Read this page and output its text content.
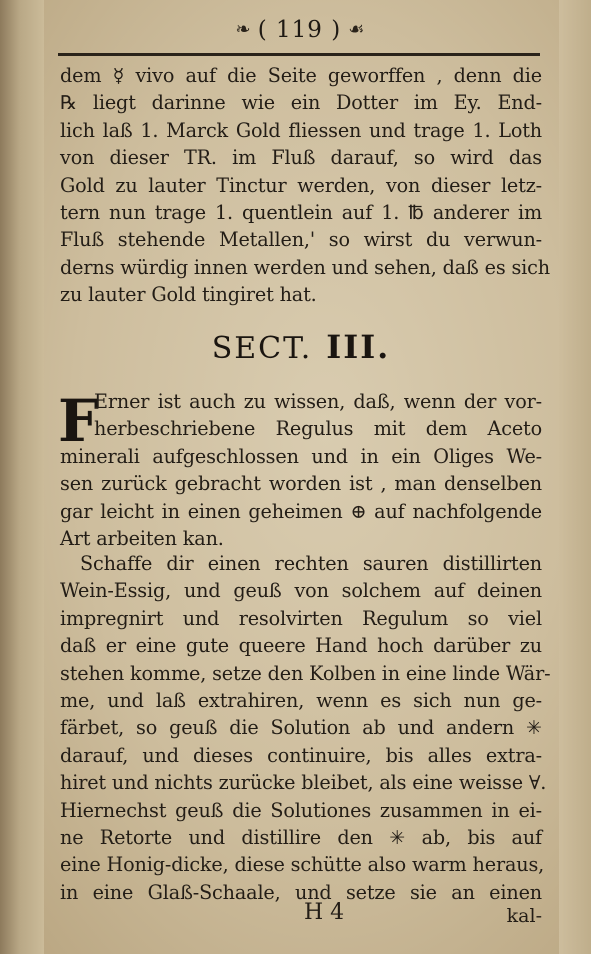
❧ ( 119 ) ☙
dem ☿ vivo auf die Seite geworffen , denn die
℞ liegt darinne wie ein Dotter im Ey. End-
lich laß 1. Marck Gold fliessen und trage 1. Loth
von dieser TR. im Fluß darauf, so wird das
Gold zu lauter Tinctur werden, von dieser letz-
tern nun trage 1. quentlein auf 1. ℔ anderer im
Fluß stehende Metallen,' so wirst du verwun-
derns würdig innen werden und sehen, daß es sich
zu lauter Gold tingiret hat.
SECT. III.
F
Erner ist auch zu wissen, daß, wenn der vor-
herbeschriebene Regulus mit dem Aceto
minerali aufgeschlossen und in ein Oliges We-
sen zurück gebracht worden ist , man denselben
gar leicht in einen geheimen ⊕ auf nachfolgende
Art arbeiten kan.
Schaffe dir einen rechten sauren distillirten
Wein-Essig, und geuß von solchem auf deinen
impregnirt und resolvirten Regulum so viel
daß er eine gute queere Hand hoch darüber zu
stehen komme, setze den Kolben in eine linde Wär-
me, und laß extrahiren, wenn es sich nun ge-
färbet, so geuß die Solution ab und andern ✳
darauf, und dieses continuire, bis alles extra-
hiret und nichts zurücke bleibet, als eine weisse ∀.
Hiernechst geuß die Solutiones zusammen in ei-
ne Retorte und distillire den ✳ ab, bis auf
eine Honig-dicke, diese schütte also warm heraus,
in eine Glaß-Schaale, und setze sie an einen
H 4	kal-
